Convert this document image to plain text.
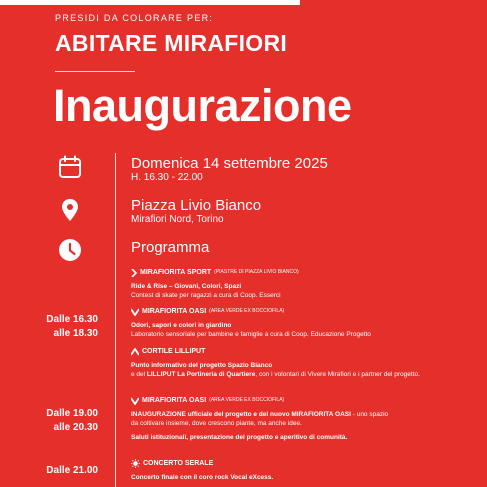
PRESIDI DA COLORARE PER:
ABITARE MIRAFIORI
Inaugurazione
Domenica 14 settembre 2025
H. 16.30 - 22.00
Piazza Livio Bianco
Mirafiori Nord, Torino
Programma
Dalle 16.30
alle 18.30
Dalle 19.00
alle 20.30
Dalle 21.00
MIRAFIORITA SPORT (PIASTRE DI PIAZZA LIVIO BIANCO)
Ride & Rise – Giovani, Colori, Spazi
Contest di skate per ragazzi a cura di Coop. Esserci
MIRAFIORITA OASI (AREA VERDE EX BOCCIOFILA)
Odori, sapori e colori in giardino
Laboratorio sensoriale per bambine e famiglie a cura di Coop. Educazione Progetto
CORTILE LILLIPUT
Punto informativo del progetto Spazio Bianco
e del LILLIPUT La Portineria di Quartiere, con i volontari di Vivere Mirafiori e i partner del progetto.
MIRAFIORITA OASI (AREA VERDE EX BOCCIOFILA)
INAUGURAZIONE ufficiale del progetto e del nuovo MIRAFIORITA OASI - uno spazio
da coltivare insieme, dove crescono piante, ma anche idee.
Saluti istituzionali, presentazione del progetto e aperitivo di comunità.
CONCERTO SERALE
Concerto finale con il coro rock Vocal eXcess.
